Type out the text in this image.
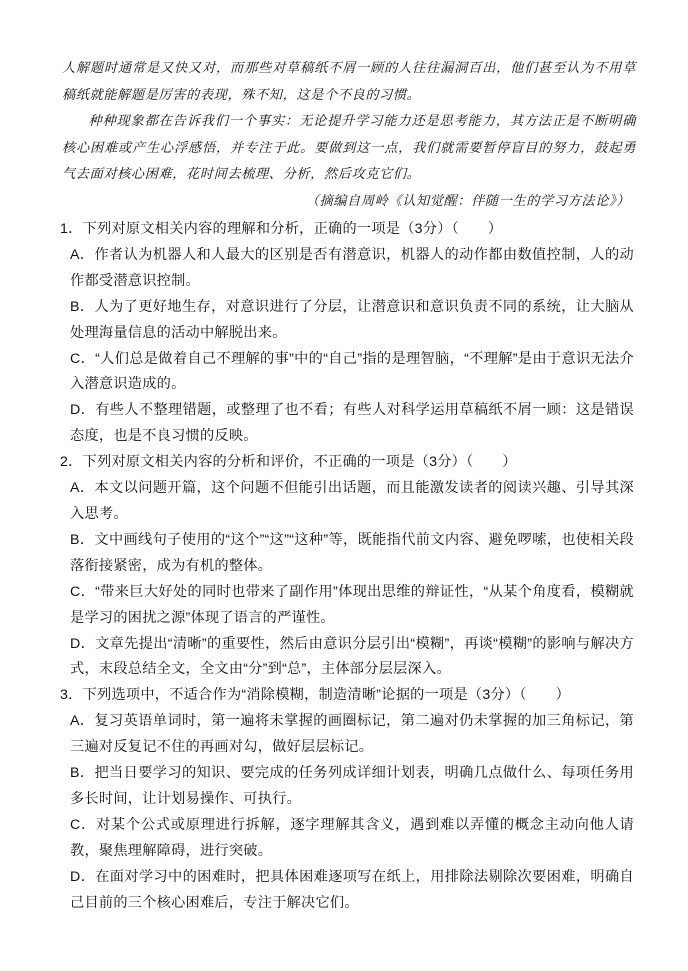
人解题时通常是又快又对，而那些对草稿纸不屑一顾的人往往漏洞百出，他们甚至认为不用草稿纸就能解题是厉害的表现，殊不知，这是个不良的习惯。

种种现象都在告诉我们一个事实：无论提升学习能力还是思考能力，其方法正是不断明确核心困难或产生心浮感悟，并专注于此。要做到这一点，我们就需要暂停盲目的努力，鼓起勇气去面对核心困难，花时间去梳理、分析，然后攻克它们。

（摘编自周岭《认知觉醒：伴随一生的学习方法论》）

1．下列对原文相关内容的理解和分析，正确的一项是（3分）（　　）

A．作者认为机器人和人最大的区别是否有潜意识，机器人的动作都由数值控制，人的动作都受潜意识控制。

B．人为了更好地生存，对意识进行了分层，让潜意识和意识负责不同的系统，让大脑从处理海量信息的活动中解脱出来。

C．“人们总是做着自己不理解的事”中的“自己”指的是理智脑，“不理解”是由于意识无法介入潜意识造成的。

D．有些人不整理错题，或整理了也不看；有些人对科学运用草稿纸不屑一顾：这是错误态度，也是不良习惯的反映。

2．下列对原文相关内容的分析和评价，不正确的一项是（3分）（　　）

A．本文以问题开篇，这个问题不但能引出话题，而且能激发读者的阅读兴趣、引导其深入思考。

B．文中画线句子使用的“这个”“这”“这种”等，既能指代前文内容、避免啰嗦，也使相关段落衔接紧密，成为有机的整体。

C．“带来巨大好处的同时也带来了副作用”体现出思维的辩证性，“从某个角度看，模糊就是学习的困扰之源”体现了语言的严谨性。

D．文章先提出“清晰”的重要性，然后由意识分层引出“模糊”，再谈“模糊”的影响与解决方式，末段总结全文，全文由“分”到“总”，主体部分层层深入。

3．下列选项中，不适合作为“消除模糊，制造清晰”论据的一项是（3分）（　　）

A．复习英语单词时，第一遍将未掌握的画圈标记，第二遍对仍未掌握的加三角标记，第三遍对反复记不住的再画对勾，做好层层标记。

B．把当日要学习的知识、要完成的任务列成详细计划表，明确几点做什么、每项任务用多长时间，让计划易操作、可执行。

C．对某个公式或原理进行拆解，逐字理解其含义，遇到难以弄懂的概念主动向他人请教，聚焦理解障碍，进行突破。

D．在面对学习中的困难时，把具体困难逐项写在纸上，用排除法剔除次要困难，明确自己目前的三个核心困难后，专注于解决它们。
